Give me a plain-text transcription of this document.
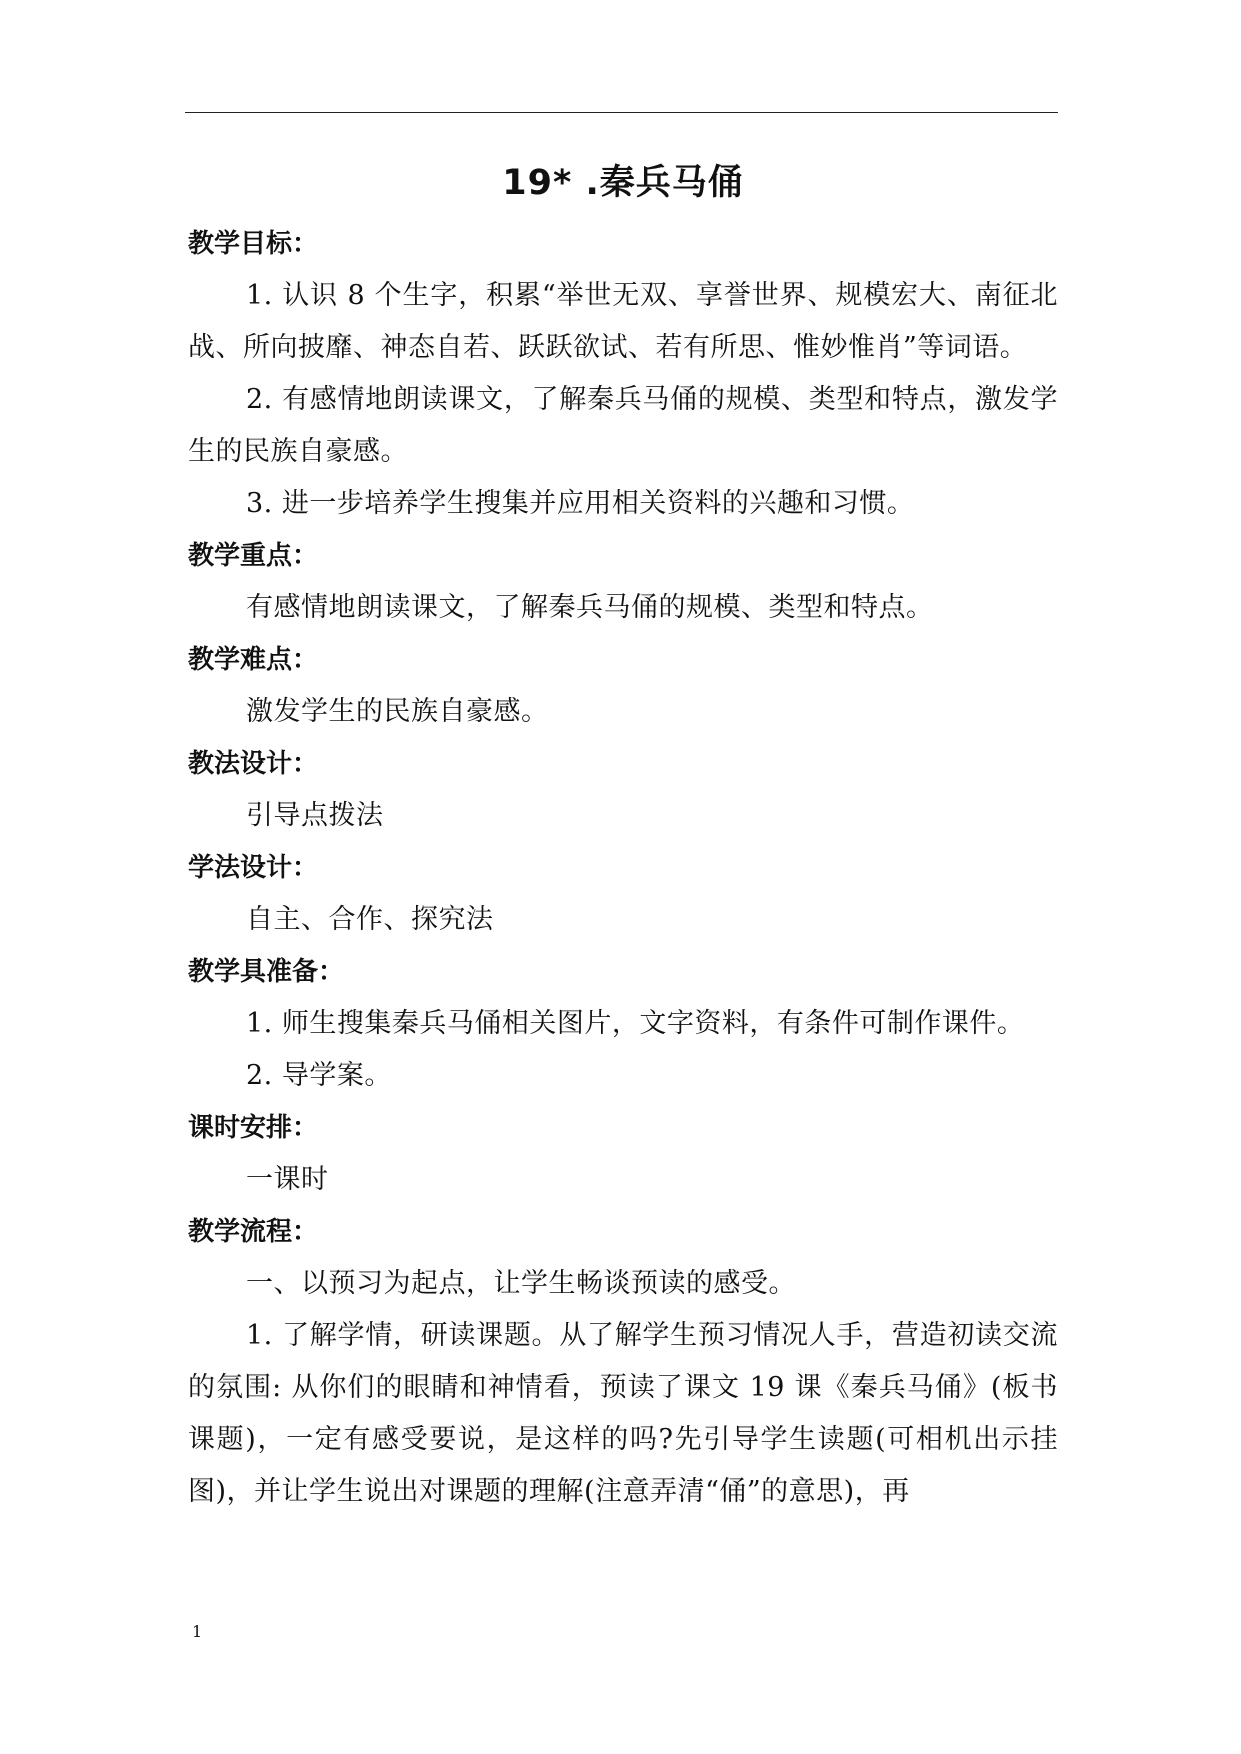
19* .秦兵马俑
教学目标：

1. 认识 8 个生字，积累“举世无双、享誉世界、规模宏大、南征北战、所向披靡、神态自若、跃跃欲试、若有所思、惟妙惟肖”等词语。

2. 有感情地朗读课文，了解秦兵马俑的规模、类型和特点，激发学生的民族自豪感。

3. 进一步培养学生搜集并应用相关资料的兴趣和习惯。

教学重点：

有感情地朗读课文，了解秦兵马俑的规模、类型和特点。

教学难点：

激发学生的民族自豪感。

教法设计：

引导点拨法

学法设计：

自主、合作、探究法

教学具准备：

1. 师生搜集秦兵马俑相关图片，文字资料，有条件可制作课件。

2. 导学案。

课时安排：

一课时

教学流程：

一、以预习为起点，让学生畅谈预读的感受。

1. 了解学情，研读课题。从了解学生预习情况人手，营造初读交流的氛围: 从你们的眼睛和神情看，预读了课文 19 课《秦兵马俑》(板书课题)，一定有感受要说，是这样的吗?先引导学生读题(可相机出示挂图)，并让学生说出对课题的理解(注意弄清“俑”的意思)，再

1
